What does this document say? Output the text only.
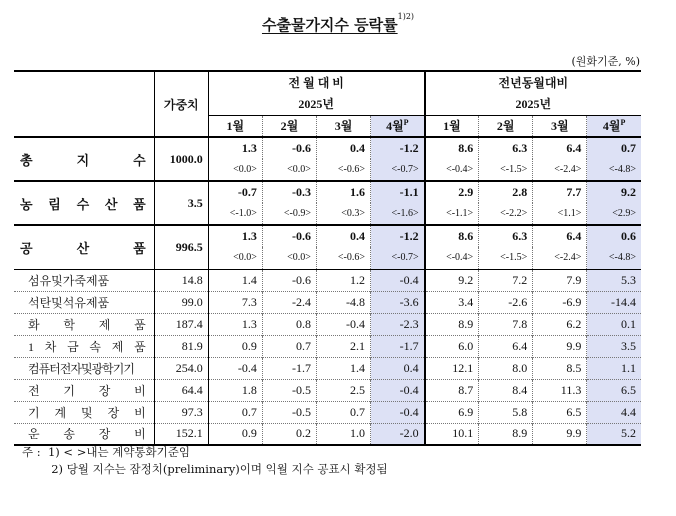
수출물가지수 등락률$^{1)2)}$
(원화기준, %)
	가중치	전 월 대 비				전년동월대비			
		2025년				2025년			
		1월	2월	3월	4월$^P$	1월	2월	3월	4월$^P$
총 지 수	1000.0	1.3	-0.6	0.4	-1.2	8.6	6.3	6.4	0.7
		<0.0>	<0.0>	<-0.6>	<-0.7>	<-0.4>	<-1.5>	<-2.4>	<-4.8>
농 림 수 산 품	3.5	-0.7	-0.3	1.6	-1.1	2.9	2.8	7.7	9.2
		<-1.0>	<-0.9>	<0.3>	<-1.6>	<-1.1>	<-2.2>	<1.1>	<2.9>
공 산 품	996.5	1.3	-0.6	0.4	-1.2	8.6	6.3	6.4	0.6
		<0.0>	<0.0>	<-0.6>	<-0.7>	<-0.4>	<-1.5>	<-2.4>	<-4.8>
섬유및가죽제품	14.8	1.4	-0.6	1.2	-0.4	9.2	7.2	7.9	5.3
석탄및석유제품	99.0	7.3	-2.4	-4.8	-3.6	3.4	-2.6	-6.9	-14.4
화 학 제 품	187.4	1.3	0.8	-0.4	-2.3	8.9	7.8	6.2	0.1
1 차 금 속 제 품	81.9	0.9	0.7	2.1	-1.7	6.0	6.4	9.9	3.5
컴퓨터전자및광학기기	254.0	-0.4	-1.7	1.4	0.4	12.1	8.0	8.5	1.1
전 기 장 비	64.4	1.8	-0.5	2.5	-0.4	8.7	8.4	11.3	6.5
기 계 및 장 비	97.3	0.7	-0.5	0.7	-0.4	6.9	5.8	6.5	4.4
운 송 장 비	152.1	0.9	0.2	1.0	-2.0	10.1	8.9	9.9	5.2
주 :  1) < >내는 계약통화기준임
2) 당월 지수는 잠정치(preliminary)이며 익월 지수 공표시 확정됨
